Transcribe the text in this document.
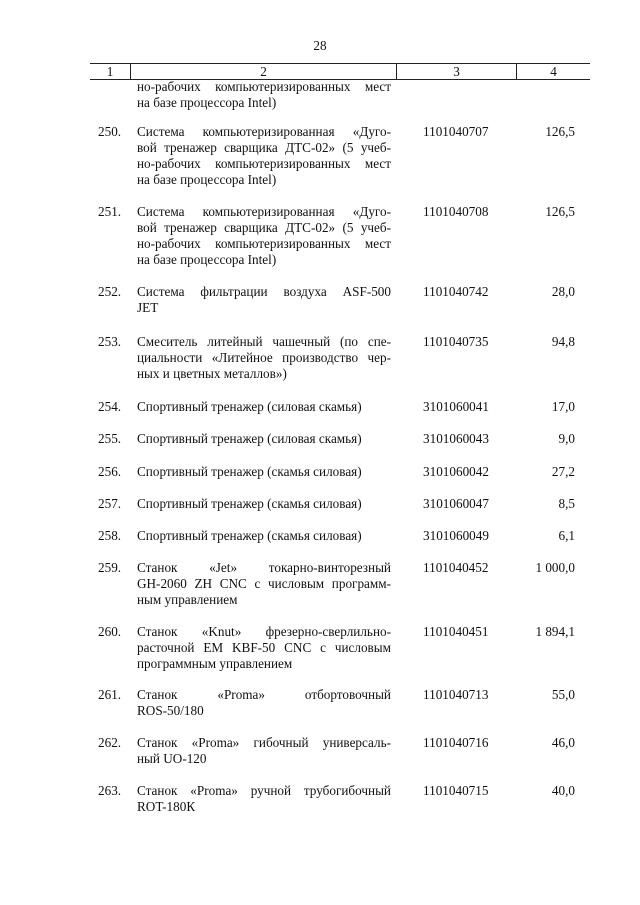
28
1	2	3	4
но-рабочих компьютеризированных мест
на базе процессора Intel)
250. Система компьютеризированная «Дуго-
вой тренажер сварщика ДТС-02» (5 учеб-
но-рабочих компьютеризированных мест
на базе процессора Intel)
1101040707	126,5
251. Система компьютеризированная «Дуго-
вой тренажер сварщика ДТС-02» (5 учеб-
но-рабочих компьютеризированных мест
на базе процессора Intel)
1101040708	126,5
252. Система фильтрации воздуха ASF-500
JET
1101040742	28,0
253. Смеситель литейный чашечный (по спе-
циальности «Литейное производство чер-
ных и цветных металлов»)
1101040735	94,8
254. Спортивный тренажер (силовая скамья)	3101060041	17,0
255. Спортивный тренажер (силовая скамья)	3101060043	9,0
256. Спортивный тренажер (скамья силовая)	3101060042	27,2
257. Спортивный тренажер (скамья силовая)	3101060047	8,5
258. Спортивный тренажер (скамья силовая)	3101060049	6,1
259. Станок «Jet» токарно-винторезный
GH-2060 ZH CNC с числовым программ-
ным управлением
1101040452	1 000,0
260. Станок «Knut» фрезерно-сверлильно-
расточной EM KBF-50 CNC с числовым
программным управлением
1101040451	1 894,1
261. Станок «Proma» отбортовочный
ROS-50/180
1101040713	55,0
262. Станок «Proma» гибочный универсаль-
ный UO-120
1101040716	46,0
263. Станок «Proma» ручной трубогибочный
ROT-180К
1101040715	40,0
